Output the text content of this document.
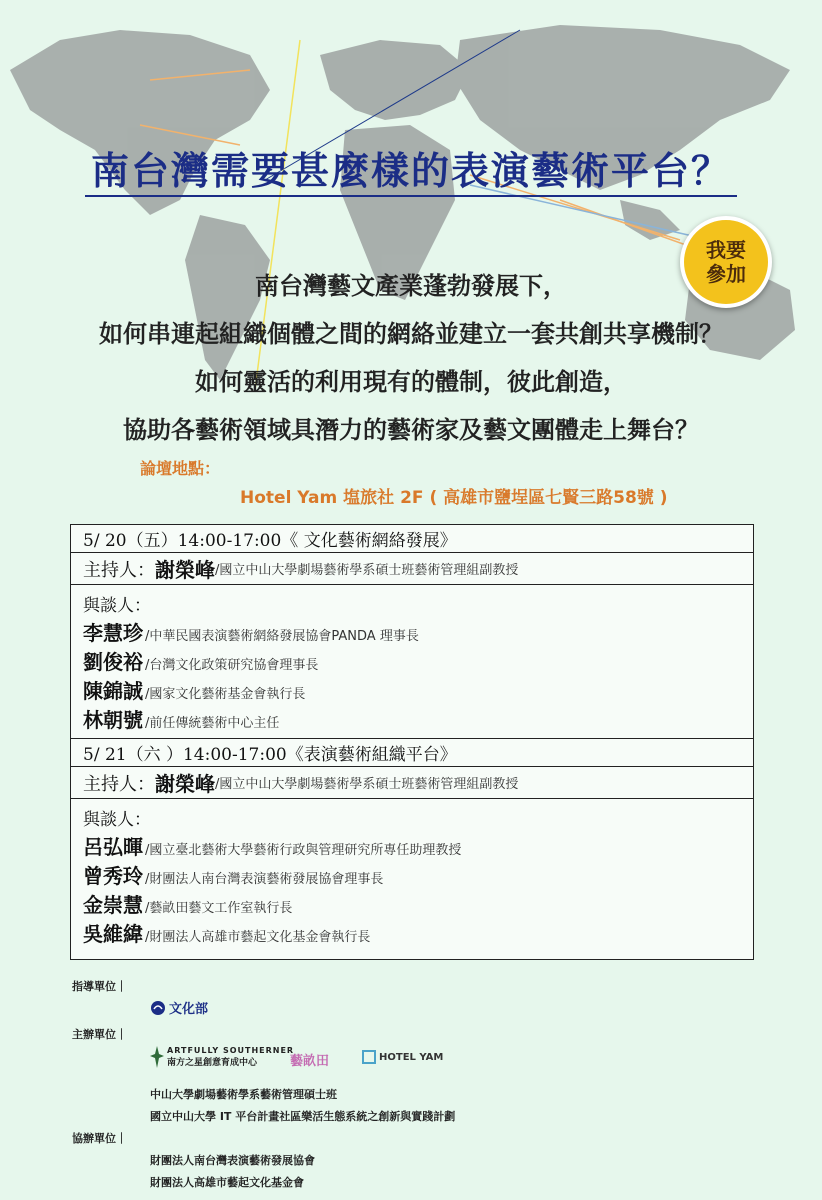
南台灣需要甚麼樣的表演藝術平台？
我要
參加
南台灣藝文產業蓬勃發展下，
如何串連起組織個體之間的網絡並建立一套共創共享機制？
如何靈活的利用現有的體制，彼此創造，
協助各藝術領域具潛力的藝術家及藝文團體走上舞台？
論壇地點：
Hotel Yam 塩旅社 2F ( 高雄市鹽埕區七賢三路58號 )
5/ 20（五）14:00-17:00《 文化藝術網絡發展》
主持人： 謝榮峰 /國立中山大學劇場藝術學系碩士班藝術管理組副教授
與談人：
李慧珍 /中華民國表演藝術網絡發展協會PANDA 理事長
劉俊裕 /台灣文化政策研究協會理事長
陳錦誠 /國家文化藝術基金會執行長
林朝號 /前任傳統藝術中心主任
5/ 21（六 ）14:00-17:00《表演藝術組織平台》
主持人： 謝榮峰 /國立中山大學劇場藝術學系碩士班藝術管理組副教授
與談人：
呂弘暉 /國立臺北藝術大學藝術行政與管理研究所專任助理教授
曾秀玲 /財團法人南台灣表演藝術發展協會理事長
金崇慧 /藝畝田藝文工作室執行長
吳維緯 /財團法人高雄市藝起文化基金會執行長
指導單位｜
文化部
主辦單位｜
ARTFULLY SOUTHERNER
南方之星創意育成中心	藝畝田	HOTEL YAM
中山大學劇場藝術學系藝術管理碩士班
國立中山大學 IT 平台計畫社區樂活生態系統之創新與實踐計劃
協辦單位｜
財團法人南台灣表演藝術發展協會
財團法人高雄市藝起文化基金會
